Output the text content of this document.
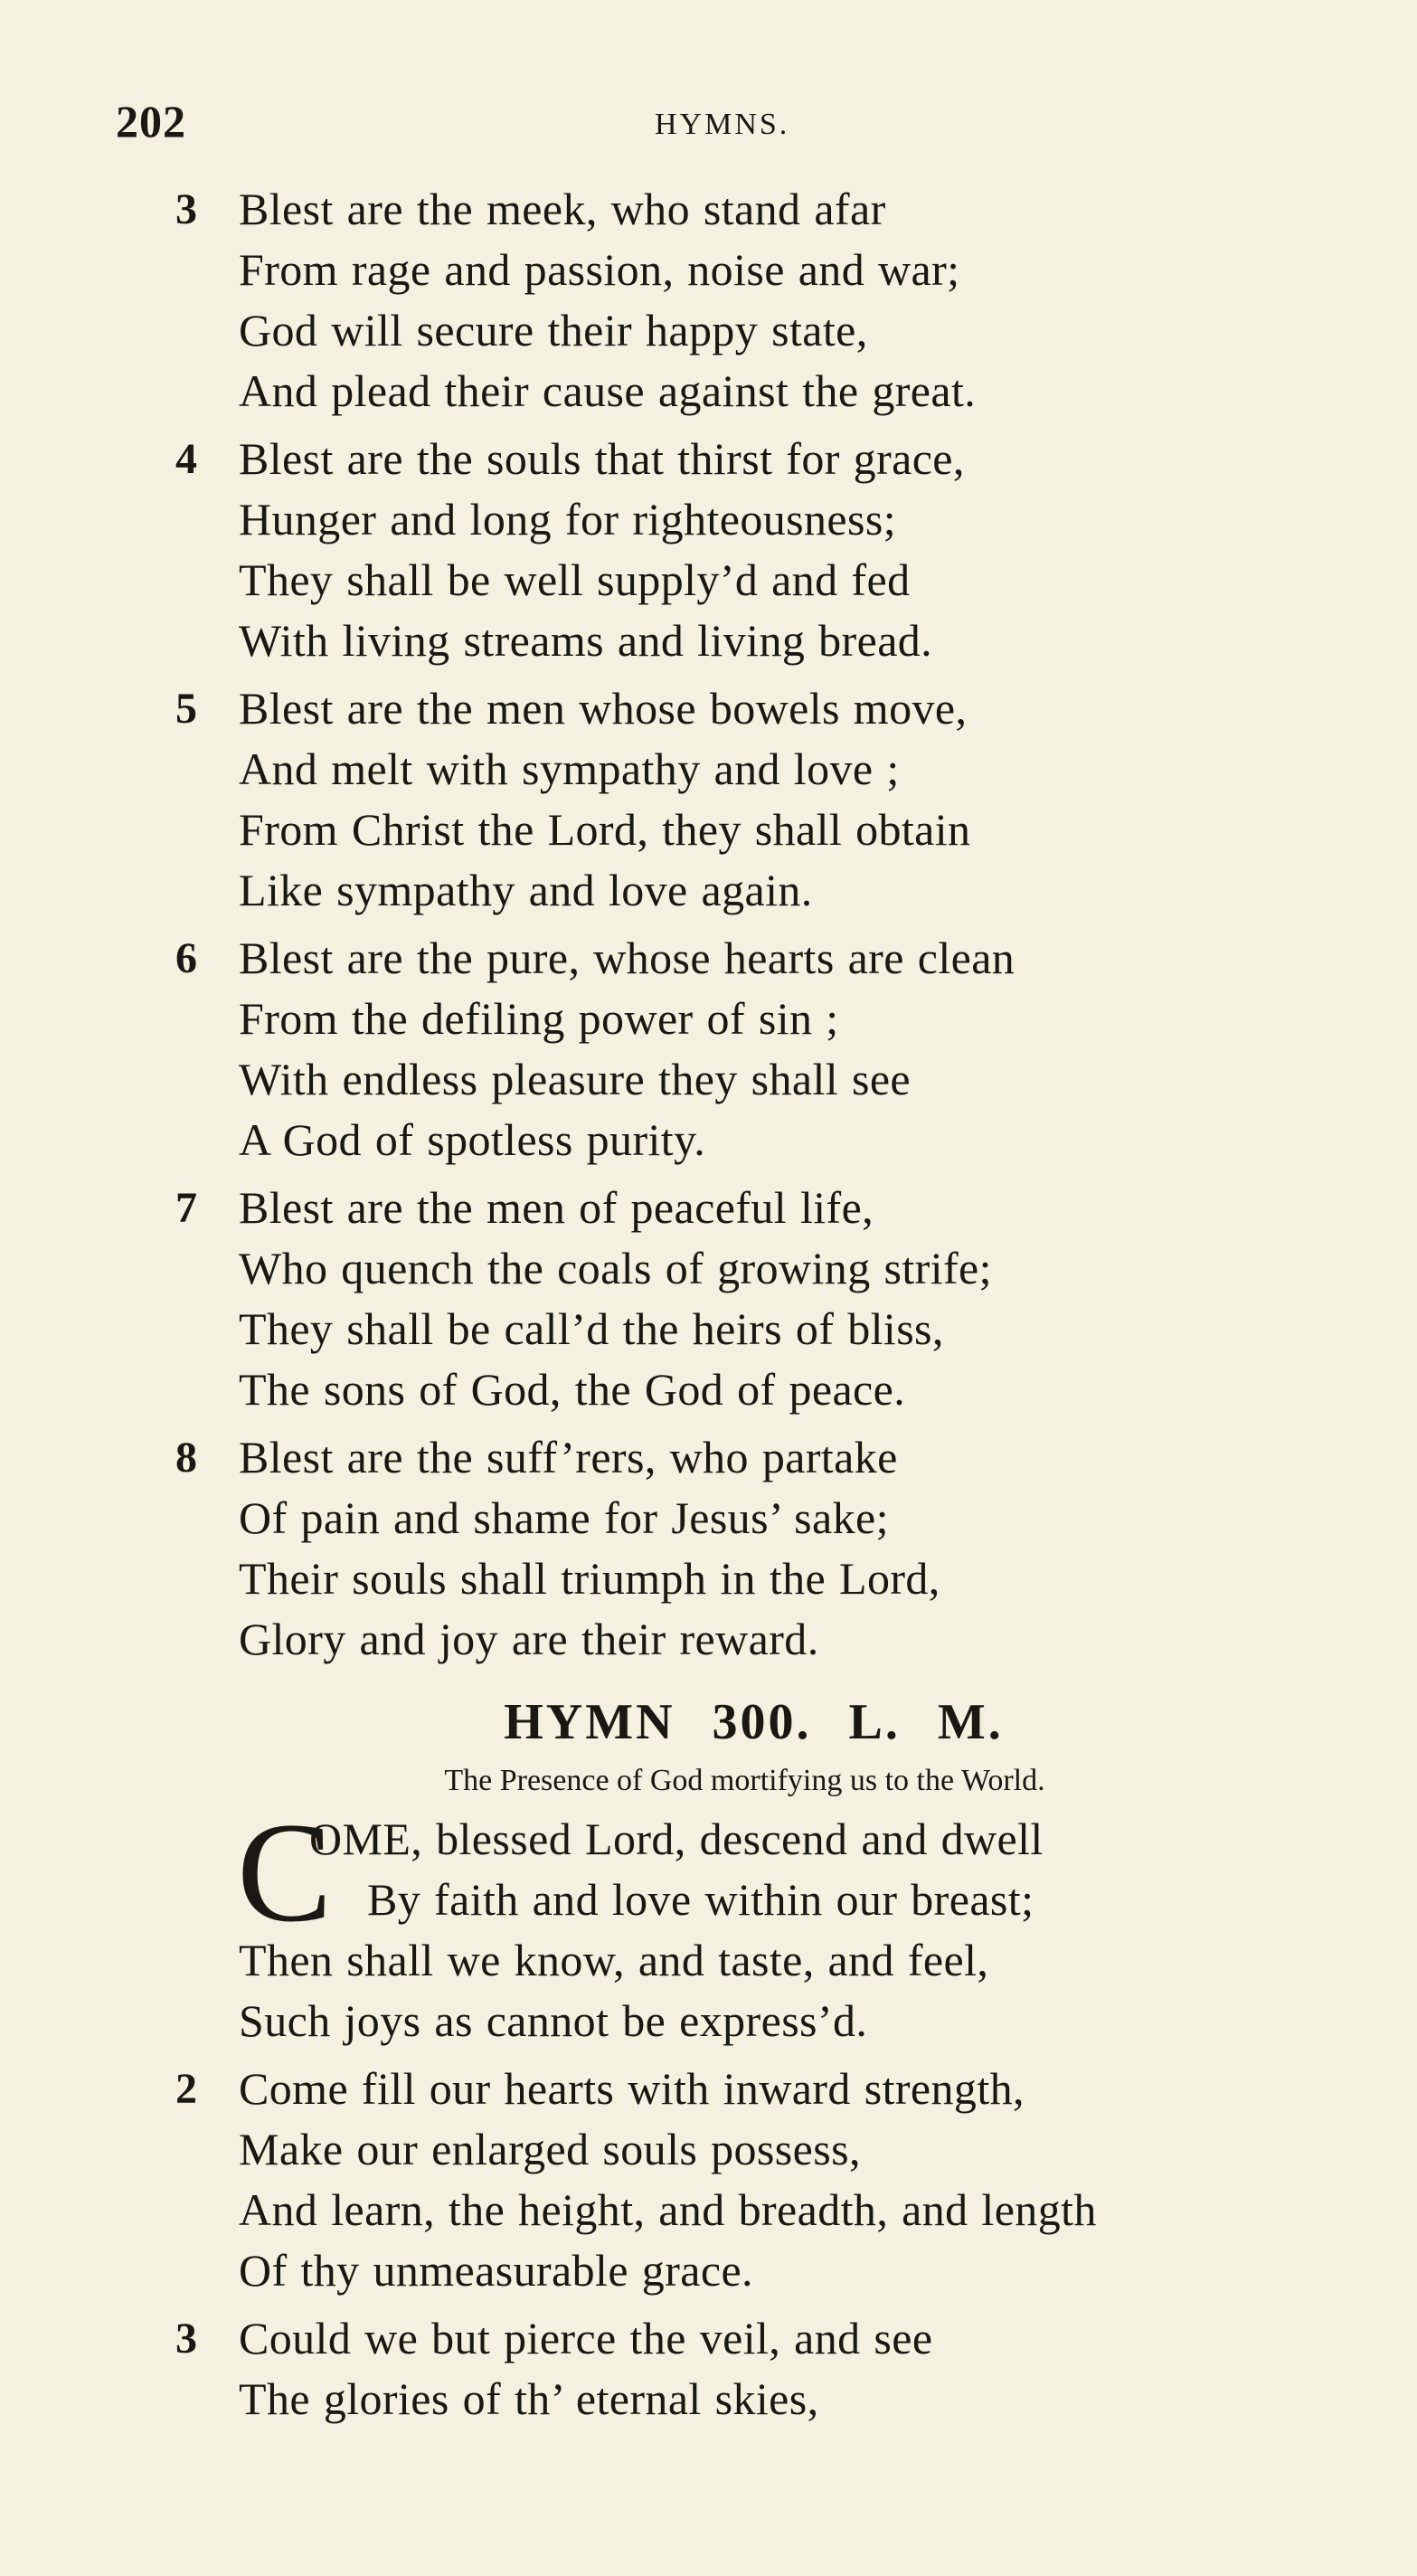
202	HYMNS.
3 Blest are the meek, who stand afar
From rage and passion, noise and war;
God will secure their happy state,
And plead their cause against the great.
4 Blest are the souls that thirst for grace,
Hunger and long for righteousness;
They shall be well supply’d and fed
With living streams and living bread.
5 Blest are the men whose bowels move,
And melt with sympathy and love ;
From Christ the Lord, they shall obtain
Like sympathy and love again.
6 Blest are the pure, whose hearts are clean
From the defiling power of sin ;
With endless pleasure they shall see
A God of spotless purity.
7 Blest are the men of peaceful life,
Who quench the coals of growing strife;
They shall be call’d the heirs of bliss,
The sons of God, the God of peace.
8 Blest are the suff’rers, who partake
Of pain and shame for Jesus’ sake;
Their souls shall triumph in the Lord,
Glory and joy are their reward.
HYMN 300. L. M.
The Presence of God mortifying us to the World.
C
OME, blessed Lord, descend and dwell
By faith and love within our breast;
Then shall we know, and taste, and feel,
Such joys as cannot be express’d.
2 Come fill our hearts with inward strength,
Make our enlarged souls possess,
And learn, the height, and breadth, and length
Of thy unmeasurable grace.
3 Could we but pierce the veil, and see
The glories of th’ eternal skies,
